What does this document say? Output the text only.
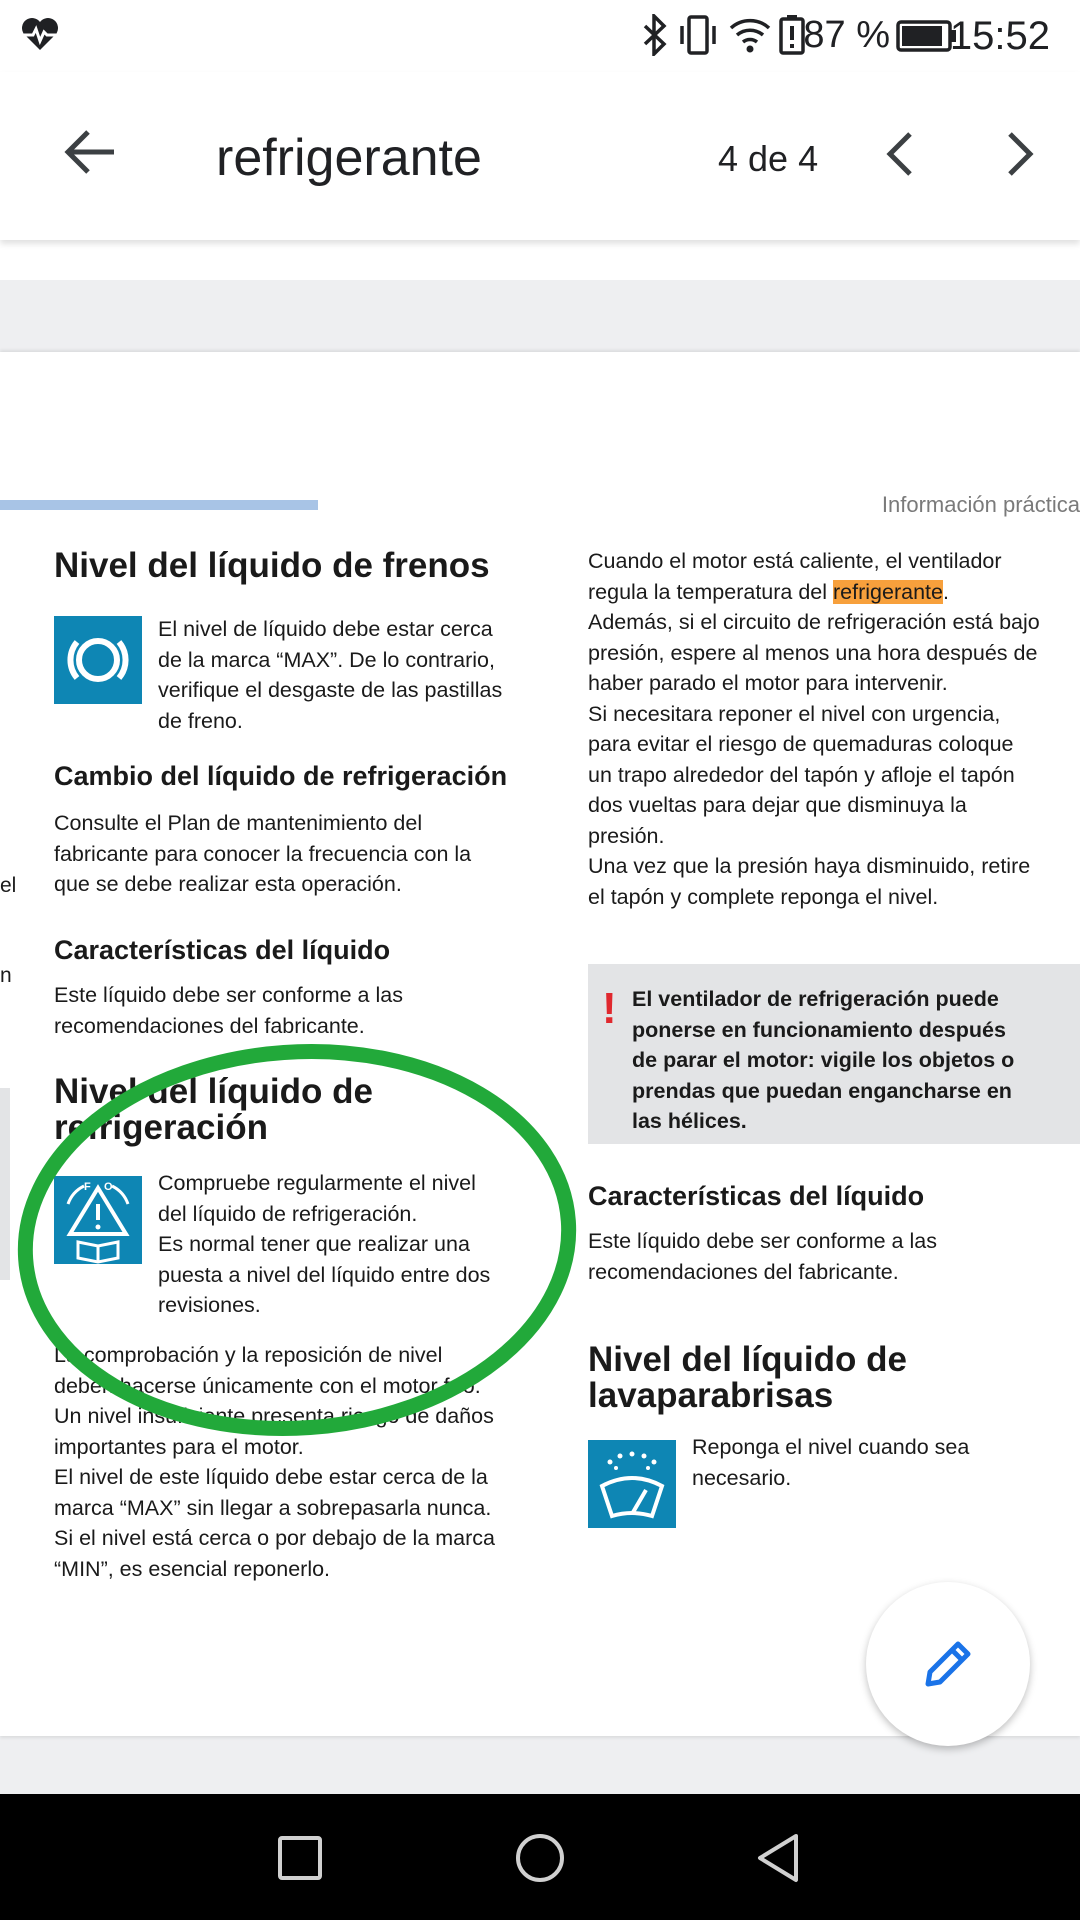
87 % 15:52
refrigerante	4 de 4
Información práctica
el
n
Nivel del líquido de frenos

El nivel de líquido debe estar cerca

de la marca “MAX”. De lo contrario,

verifique el desgaste de las pastillas

de freno.

Cambio del líquido de refrigeración

Consulte el Plan de mantenimiento del

fabricante para conocer la frecuencia con la

que se debe realizar esta operación.

Características del líquido

Este líquido debe ser conforme a las

recomendaciones del fabricante.

Nivel del líquido de
refrigeración
F O Compruebe regularmente el nivel

del líquido de refrigeración.

Es normal tener que realizar una

puesta a nivel del líquido entre dos

revisiones.

La comprobación y la reposición de nivel

deben hacerse únicamente con el motor frío.

Un nivel insuficiente presenta riesgo de daños

importantes para el motor.

El nivel de este líquido debe estar cerca de la

marca “MAX” sin llegar a sobrepasarla nunca.

Si el nivel está cerca o por debajo de la marca

“MIN”, es esencial reponerlo.

Cuando el motor está caliente, el ventilador

regula la temperatura del refrigerante.

Además, si el circuito de refrigeración está bajo

presión, espere al menos una hora después de

haber parado el motor para intervenir.

Si necesitara reponer el nivel con urgencia,

para evitar el riesgo de quemaduras coloque

un trapo alrededor del tapón y afloje el tapón

dos vueltas para dejar que disminuya la

presión.

Una vez que la presión haya disminuido, retire

el tapón y complete reponga el nivel.

! El ventilador de refrigeración puede

ponerse en funcionamiento después

de parar el motor: vigile los objetos o

prendas que puedan engancharse en

las hélices.

Características del líquido

Este líquido debe ser conforme a las

recomendaciones del fabricante.

Nivel del líquido de
lavaparabrisas

Reponga el nivel cuando sea

necesario.
